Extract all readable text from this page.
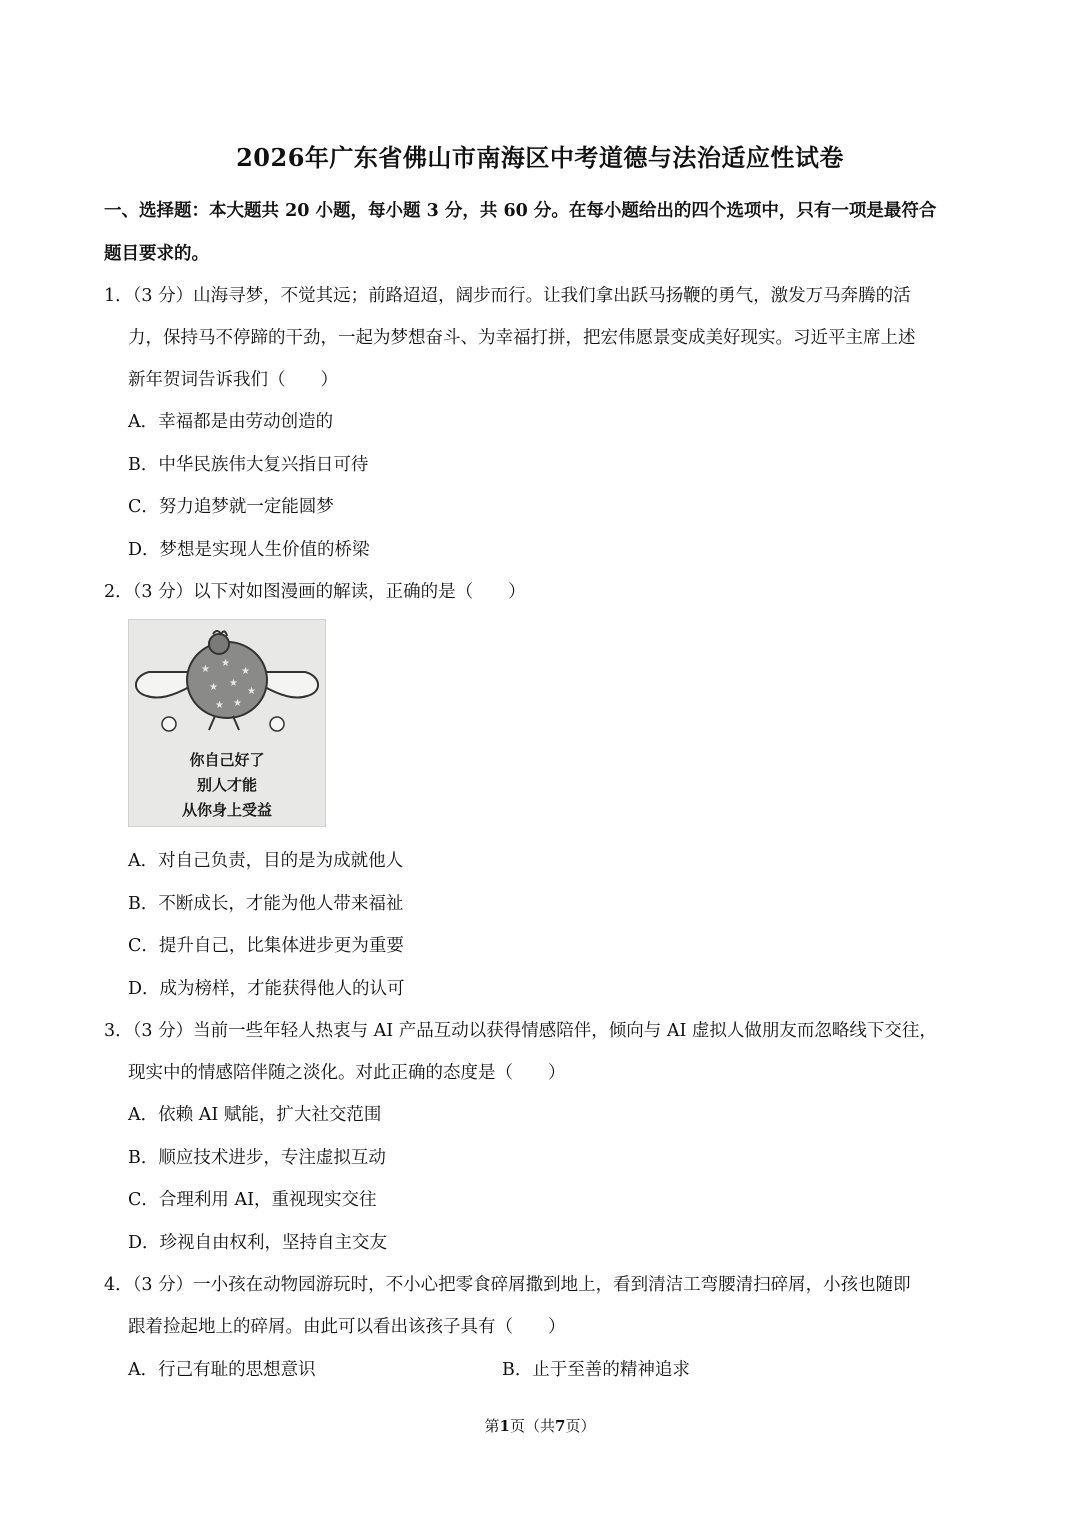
2026年广东省佛山市南海区中考道德与法治适应性试卷
一、选择题：本大题共 20 小题，每小题 3 分，共 60 分。在每小题给出的四个选项中，只有一项是最符合
题目要求的。
1．（3 分）山海寻梦，不觉其远；前路迢迢，阔步而行。让我们拿出跃马扬鞭的勇气，激发万马奔腾的活
力，保持马不停蹄的干劲，一起为梦想奋斗、为幸福打拼，把宏伟愿景变成美好现实。习近平主席上述
新年贺词告诉我们（　　）
A．幸福都是由劳动创造的
B．中华民族伟大复兴指日可待
C．努力追梦就一定能圆梦
D．梦想是实现人生价值的桥梁
2．（3 分）以下对如图漫画的解读，正确的是（　　）
★
★
★
★ ★
★
★ ★
你自己好了
别人才能
从你身上受益
A．对自己负责，目的是为成就他人
B．不断成长，才能为他人带来福祉
C．提升自己，比集体进步更为重要
D．成为榜样，才能获得他人的认可
3．（3 分）当前一些年轻人热衷与 AI 产品互动以获得情感陪伴，倾向与 AI 虚拟人做朋友而忽略线下交往，
现实中的情感陪伴随之淡化。对此正确的态度是（　　）
A．依赖 AI 赋能，扩大社交范围
B．顺应技术进步，专注虚拟互动
C．合理利用 AI，重视现实交往
D．珍视自由权利，坚持自主交友
4．（3 分）一小孩在动物园游玩时，不小心把零食碎屑撒到地上，看到清洁工弯腰清扫碎屑，小孩也随即
跟着捡起地上的碎屑。由此可以看出该孩子具有（　　）
A．行己有耻的思想意识	B．止于至善的精神追求
第1页（共7页）
